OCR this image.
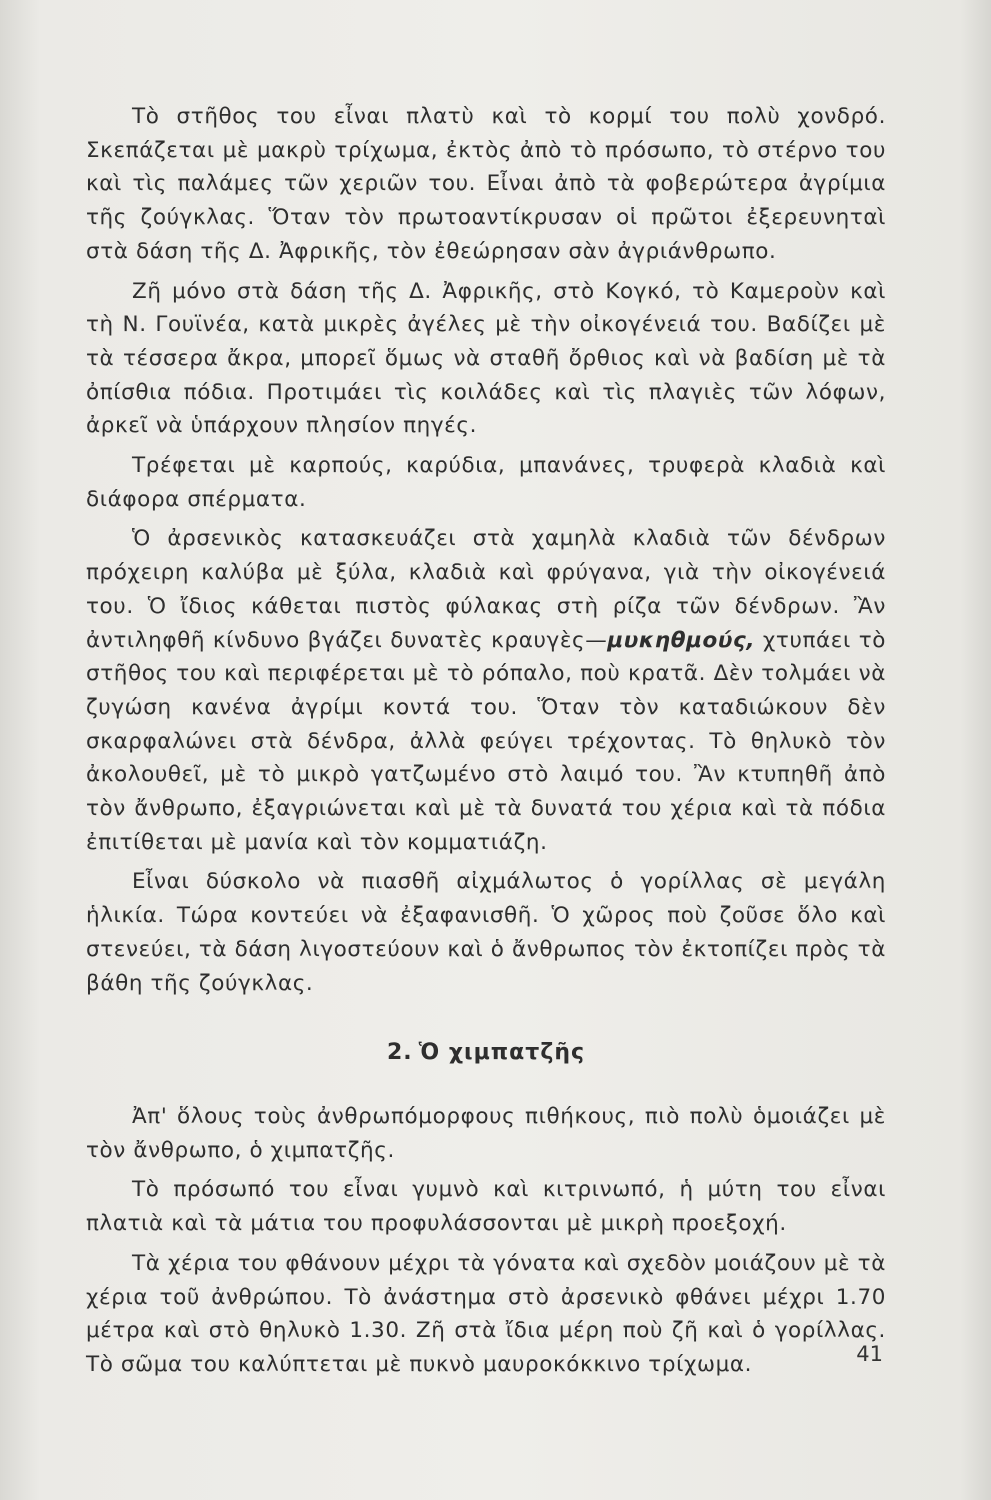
Τὸ στῆθος του εἶναι πλατὺ καὶ τὸ κορμί του πολὺ χονδρό. Σκεπάζεται μὲ μακρὺ τρίχωμα, ἐκτὸς ἀπὸ τὸ πρόσωπο, τὸ στέρνο του καὶ τὶς παλάμες τῶν χεριῶν του. Εἶναι ἀπὸ τὰ φοβερώτερα ἀγρίμια τῆς ζούγκλας. Ὅταν τὸν πρωτοαντίκρυσαν οἱ πρῶτοι ἐξερευνηταὶ στὰ δάση τῆς Δ. Ἀφρικῆς, τὸν ἐθεώρησαν σὰν ἀγριάνθρωπο.

Ζῆ μόνο στὰ δάση τῆς Δ. Ἀφρικῆς, στὸ Κογκό, τὸ Καμεροὺν καὶ τὴ Ν. Γουϊνέα, κατὰ μικρὲς ἀγέλες μὲ τὴν οἰκογένειά του. Βαδίζει μὲ τὰ τέσσερα ἄκρα, μπορεῖ ὅμως νὰ σταθῆ ὄρθιος καὶ νὰ βαδίση μὲ τὰ ὀπίσθια πόδια. Προτιμάει τὶς κοιλάδες καὶ τὶς πλαγιὲς τῶν λόφων, ἀρκεῖ νὰ ὑπάρχουν πλησίον πηγές.

Τρέφεται μὲ καρπούς, καρύδια, μπανάνες, τρυφερὰ κλαδιὰ καὶ διάφορα σπέρματα.

Ὁ ἀρσενικὸς κατασκευάζει στὰ χαμηλὰ κλαδιὰ τῶν δένδρων πρόχειρη καλύβα μὲ ξύλα, κλαδιὰ καὶ φρύγανα, γιὰ τὴν οἰκογένειά του. Ὁ ἴδιος κάθεται πιστὸς φύλακας στὴ ρίζα τῶν δένδρων. Ἂν ἀντιληφθῆ κίνδυνο βγάζει δυνατὲς κραυγὲς—μυκηθμούς, χτυπάει τὸ στῆθος του καὶ περιφέρεται μὲ τὸ ρόπαλο, ποὺ κρατᾶ. Δὲν τολμάει νὰ ζυγώση κανένα ἀγρίμι κοντά του. Ὅταν τὸν καταδιώκουν δὲν σκαρφαλώνει στὰ δένδρα, ἀλλὰ φεύγει τρέχοντας. Τὸ θηλυκὸ τὸν ἀκολουθεῖ, μὲ τὸ μικρὸ γατζωμένο στὸ λαιμό του. Ἂν κτυπηθῆ ἀπὸ τὸν ἄνθρωπο, ἐξαγριώνεται καὶ μὲ τὰ δυνατά του χέρια καὶ τὰ πόδια ἐπιτίθεται μὲ μανία καὶ τὸν κομματιάζη.

Εἶναι δύσκολο νὰ πιασθῆ αἰχμάλωτος ὁ γορίλλας σὲ μεγάλη ἡλικία. Τώρα κοντεύει νὰ ἐξαφανισθῆ. Ὁ χῶρος ποὺ ζοῦσε ὅλο καὶ στενεύει, τὰ δάση λιγοστεύουν καὶ ὁ ἄνθρωπος τὸν ἐκτοπίζει πρὸς τὰ βάθη τῆς ζούγκλας.

2. Ὁ χιμπατζῆς

Ἀπ' ὅλους τοὺς ἀνθρωπόμορφους πιθήκους, πιὸ πολὺ ὁμοιάζει μὲ τὸν ἄνθρωπο, ὁ χιμπατζῆς.

Τὸ πρόσωπό του εἶναι γυμνὸ καὶ κιτρινωπό, ἡ μύτη του εἶναι πλατιὰ καὶ τὰ μάτια του προφυλάσσονται μὲ μικρὴ προεξοχή.

Τὰ χέρια του φθάνουν μέχρι τὰ γόνατα καὶ σχεδὸν μοιάζουν μὲ τὰ χέρια τοῦ ἀνθρώπου. Τὸ ἀνάστημα στὸ ἀρσενικὸ φθάνει μέχρι 1.70 μέτρα καὶ στὸ θηλυκὸ 1.30. Ζῆ στὰ ἴδια μέρη ποὺ ζῆ καὶ ὁ γορίλλας. Τὸ σῶμα του καλύπτεται μὲ πυκνὸ μαυροκόκκινο τρίχωμα.	41
